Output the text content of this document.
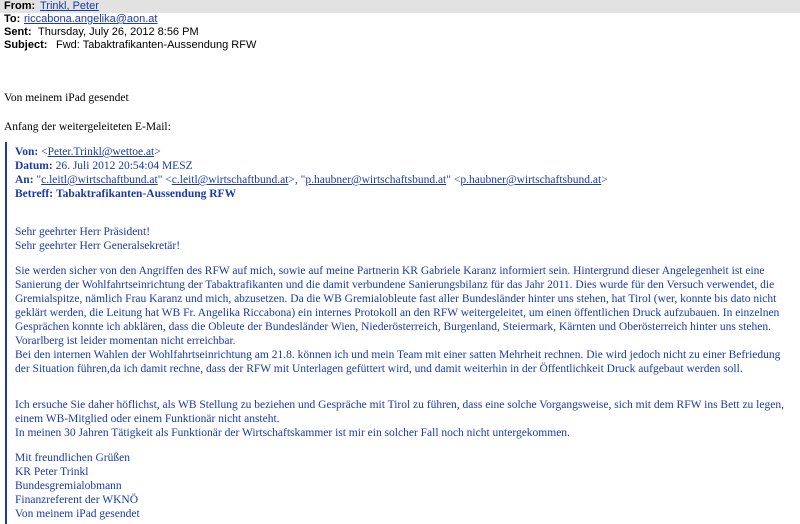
From: Trinkl, Peter
To: riccabona.angelika@aon.at
Sent: Thursday, July 26, 2012 8:56 PM
Subject: Fwd: Tabaktrafikanten-Aussendung RFW
Von meinem iPad gesendet
Anfang der weitergeleiteten E-Mail:
Von: <Peter.Trinkl@wettoe.at>
Datum: 26. Juli 2012 20:54:04 MESZ
An: "c.leitl@wirtschaftbund.at" <c.leitl@wirtschaftbund.at>, "p.haubner@wirtschaftsbund.at" <p.haubner@wirtschaftsbund.at>
Betreff: Tabaktrafikanten-Aussendung RFW

Sehr geehrter Herr Präsident!

Sehr geehrter Herr Generalsekretär!

Sie werden sicher von den Angriffen des RFW auf mich, sowie auf meine Partnerin KR Gabriele Karanz informiert sein. Hintergrund dieser Angelegenheit ist eine Sanierung der Wohlfahrtseinrichtung der Tabaktrafikanten und die damit verbundene Sanierungsbilanz für das Jahr 2011. Dies wurde für den Versuch verwendet, die Gremialspitze, nämlich Frau Karanz und mich, abzusetzen. Da die WB Gremialobleute fast aller Bundesländer hinter uns stehen, hat Tirol (wer, konnte bis dato nicht geklärt werden, die Leitung hat WB Fr. Angelika Riccabona) ein internes Protokoll an den RFW weitergeleitet, um einen öffentlichen Druck aufzubauen. In einzelnen Gesprächen konnte ich abklären, dass die Obleute der Bundesländer Wien, Niederösterreich, Burgenland, Steiermark, Kärnten und Oberösterreich hinter uns stehen. Vorarlberg ist leider momentan nicht erreichbar.

Bei den internen Wahlen der Wohlfahrtseinrichtung am 21.8. können ich und mein Team mit einer satten Mehrheit rechnen. Die wird jedoch nicht zu einer Befriedung der Situation führen,da ich damit rechne, dass der RFW mit Unterlagen gefüttert wird, und damit weiterhin in der Öffentlichkeit Druck aufgebaut werden soll.

Ich ersuche Sie daher höflichst, als WB Stellung zu beziehen und Gespräche mit Tirol zu führen, dass eine solche Vorgangsweise, sich mit dem RFW ins Bett zu legen, einem WB-Mitglied oder einem Funktionär nicht ansteht.

In meinen 30 Jahren Tätigkeit als Funktionär der Wirtschaftskammer ist mir ein solcher Fall noch nicht untergekommen.

Mit freundlichen Grüßen

KR Peter Trinkl

Bundesgremialobmann

Finanzreferent der WKNÖ

Von meinem iPad gesendet
